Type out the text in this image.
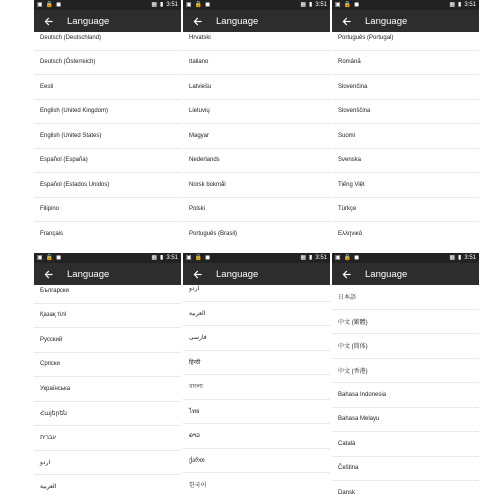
▣ 🔒 ◼	▦ ▮ 3:51
Language
Deutsch (Deutschland)
Deutsch (Österreich)
Eesti
English (United Kingdom)
English (United States)
Español (España)
Español (Estados Unidos)
Filipino
Français
▣ 🔒 ◼	▦ ▮ 3:51
Language
Hrvatski
Italiano
Latviešu
Lietuvių
Magyar
Nederlands
Norsk bokmål
Polski
Português (Brasil)
▣ 🔒 ◼	▦ ▮ 3:51
Language
Português (Portugal)
Română
Slovenčina
Slovenščina
Suomi
Svenska
Tiếng Việt
Türkçe
Ελληνικά
▣ 🔒 ◼	▦ ▮ 3:51
Language
Български
Қазақ тілі
Русский
Српски
Українська
Հայերեն
עברית
اردو
العربية
▣ 🔒 ◼	▦ ▮ 3:51
Language
اردو
العربية
فارسی
हिन्दी
বাংলা
ไทย
ລາວ
ქართ
한국어
▣ 🔒 ◼	▦ ▮ 3:51
Language
日本語
中文 (繁體)
中文 (简体)
中文 (香港)
Bahasa Indonesia
Bahasa Melayu
Català
Čeština
Dansk
